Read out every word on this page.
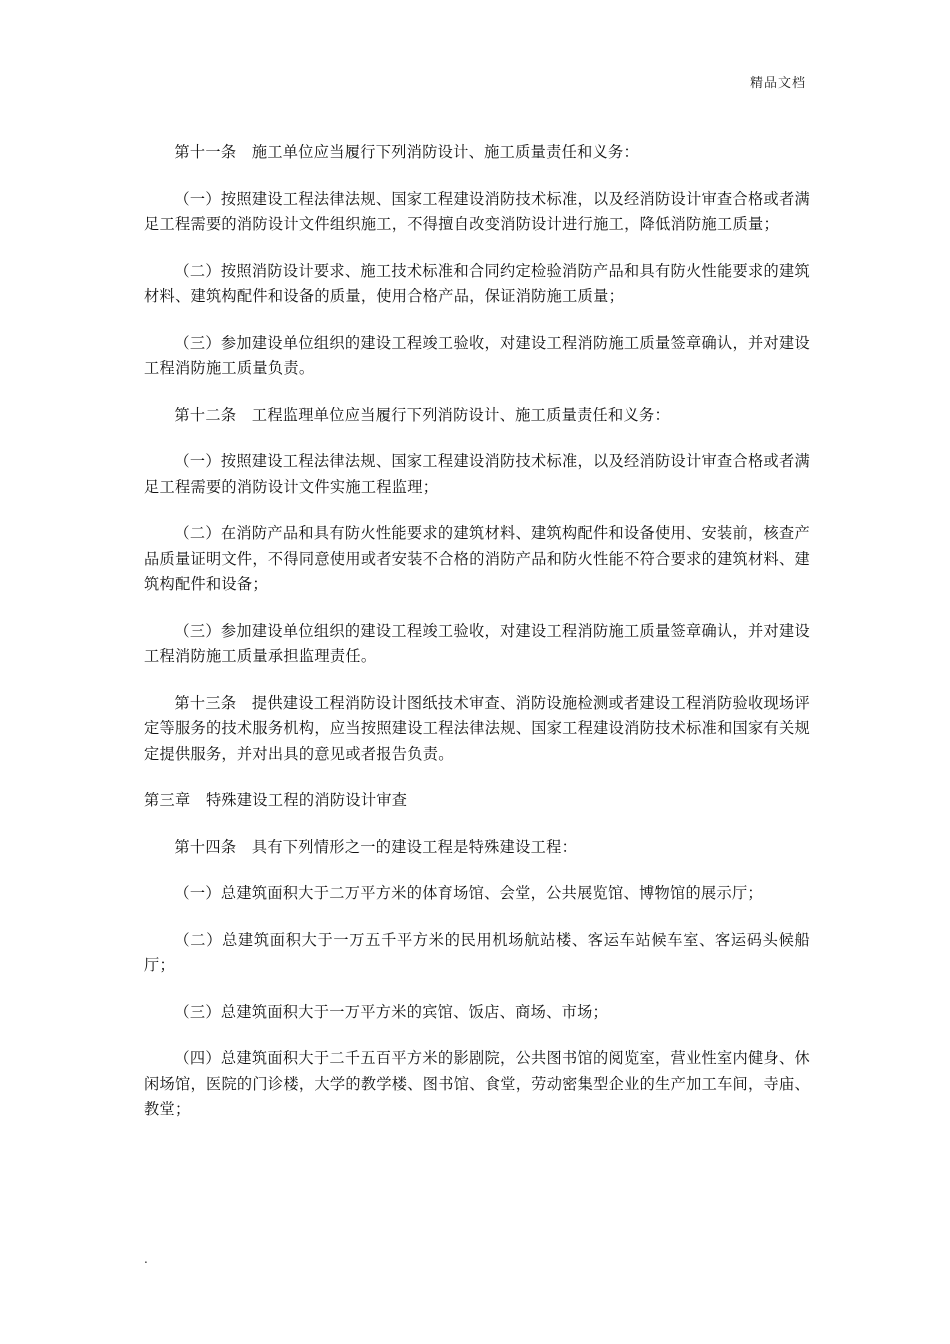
精品文档

第十一条　施工单位应当履行下列消防设计、施工质量责任和义务：

（一）按照建设工程法律法规、国家工程建设消防技术标准，以及经消防设计审查合格或者满足工程需要的消防设计文件组织施工，不得擅自改变消防设计进行施工，降低消防施工质量；

（二）按照消防设计要求、施工技术标准和合同约定检验消防产品和具有防火性能要求的建筑材料、建筑构配件和设备的质量，使用合格产品，保证消防施工质量；

（三）参加建设单位组织的建设工程竣工验收，对建设工程消防施工质量签章确认，并对建设工程消防施工质量负责。

第十二条　工程监理单位应当履行下列消防设计、施工质量责任和义务：

（一）按照建设工程法律法规、国家工程建设消防技术标准，以及经消防设计审查合格或者满足工程需要的消防设计文件实施工程监理；

（二）在消防产品和具有防火性能要求的建筑材料、建筑构配件和设备使用、安装前，核查产品质量证明文件，不得同意使用或者安装不合格的消防产品和防火性能不符合要求的建筑材料、建筑构配件和设备；

（三）参加建设单位组织的建设工程竣工验收，对建设工程消防施工质量签章确认，并对建设工程消防施工质量承担监理责任。

第十三条　提供建设工程消防设计图纸技术审查、消防设施检测或者建设工程消防验收现场评定等服务的技术服务机构，应当按照建设工程法律法规、国家工程建设消防技术标准和国家有关规定提供服务，并对出具的意见或者报告负责。

第三章　特殊建设工程的消防设计审查

第十四条　具有下列情形之一的建设工程是特殊建设工程：

（一）总建筑面积大于二万平方米的体育场馆、会堂，公共展览馆、博物馆的展示厅；

（二）总建筑面积大于一万五千平方米的民用机场航站楼、客运车站候车室、客运码头候船厅；

（三）总建筑面积大于一万平方米的宾馆、饭店、商场、市场；

（四）总建筑面积大于二千五百平方米的影剧院，公共图书馆的阅览室，营业性室内健身、休闲场馆，医院的门诊楼，大学的教学楼、图书馆、食堂，劳动密集型企业的生产加工车间，寺庙、教堂；

.
